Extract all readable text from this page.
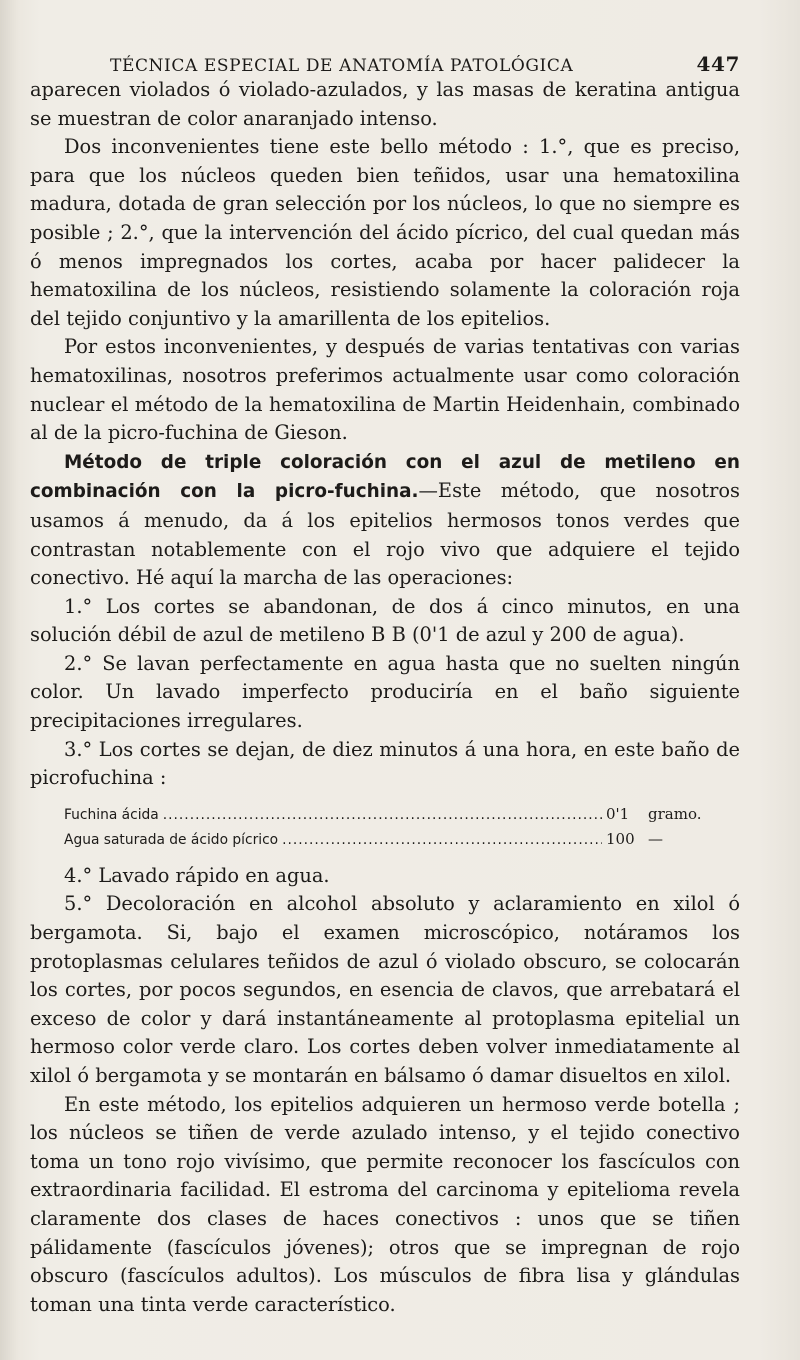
TÉCNICA ESPECIAL DE ANATOMÍA PATOLÓGICA	447

aparecen violados ó violado-azulados, y las masas de keratina antigua se muestran de color anaranjado intenso.

Dos inconvenientes tiene este bello método : 1.°, que es preciso, para que los núcleos queden bien teñidos, usar una hematoxilina madura, dotada de gran selección por los núcleos, lo que no siempre es posible ; 2.°, que la intervención del ácido pícrico, del cual quedan más ó menos impregnados los cortes, acaba por hacer palidecer la hematoxilina de los núcleos, resistiendo solamente la coloración roja del tejido conjuntivo y la amarillenta de los epitelios.

Por estos inconvenientes, y después de varias tentativas con varias hematoxilinas, nosotros preferimos actualmente usar como coloración nuclear el método de la hematoxilina de Martin Heidenhain, combinado al de la picro-fuchina de Gieson.

Método de triple coloración con el azul de metileno en combinación con la picro-fuchina.—Este método, que nosotros usamos á menudo, da á los epitelios hermosos tonos verdes que contrastan notablemente con el rojo vivo que adquiere el tejido conectivo. Hé aquí la marcha de las operaciones:

1.° Los cortes se abandonan, de dos á cinco minutos, en una solución débil de azul de metileno B B (0'1 de azul y 200 de agua).

2.° Se lavan perfectamente en agua hasta que no suelten ningún color. Un lavado imperfecto produciría en el baño siguiente precipitaciones irregulares.

3.° Los cortes se dejan, de diez minutos á una hora, en este baño de picrofuchina :

Fuchina ácida .....	0'1	gramo.
Agua saturada de ácido pícrico .....	100 —

4.° Lavado rápido en agua.

5.° Decoloración en alcohol absoluto y aclaramiento en xilol ó bergamota. Si, bajo el examen microscópico, notáramos los protoplasmas celulares teñidos de azul ó violado obscuro, se colocarán los cortes, por pocos segundos, en esencia de clavos, que arrebatará el exceso de color y dará instantáneamente al protoplasma epitelial un hermoso color verde claro. Los cortes deben volver inmediatamente al xilol ó bergamota y se montarán en bálsamo ó damar disueltos en xilol.

En este método, los epitelios adquieren un hermoso verde botella ; los núcleos se tiñen de verde azulado intenso, y el tejido conectivo toma un tono rojo vivísimo, que permite reconocer los fascículos con extraordinaria facilidad. El estroma del carcinoma y epitelioma revela claramente dos clases de haces conectivos : unos que se tiñen pálidamente (fascículos jóvenes); otros que se impregnan de rojo obscuro (fascículos adultos). Los músculos de fibra lisa y glándulas toman una tinta verde característico.
